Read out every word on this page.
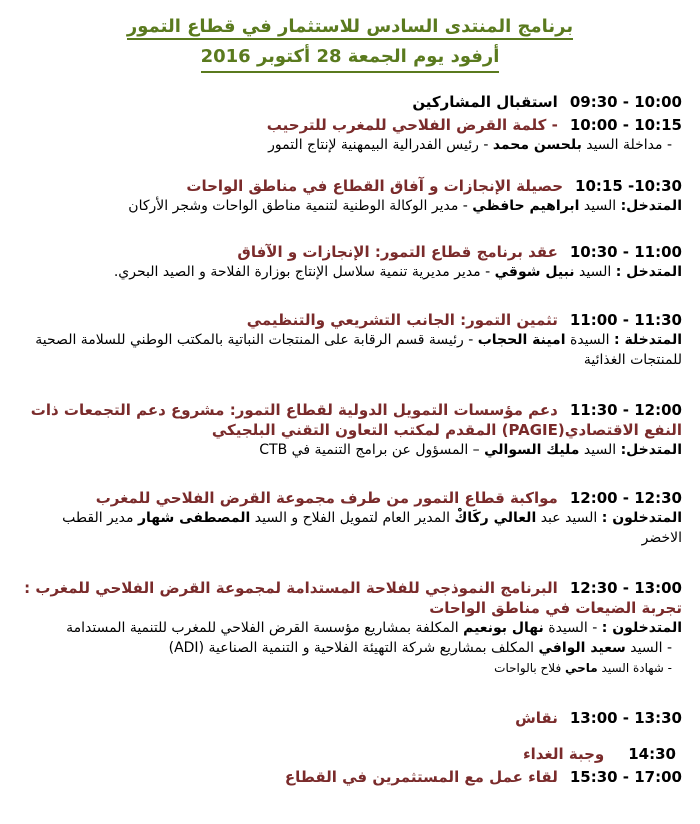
برنامج المنتدى السادس للاستثمار في قطاع التمور
أرفود يوم الجمعة 28 أكتوبر 2016
09:30 - 10:00استقبال المشاركين
10:00 - 10:15- كلمة القرض الفلاحي للمغرب للترحيب
- مداخلة السيد بلحسن محمد - رئيس الفدرالية البيمهنية لإنتاج التمور
10:15 -10:30حصيلة الإنجازات و آفاق القطاع في مناطق الواحات
المتدخل: السيد ابراهيم حافظي - مدير الوكالة الوطنية لتنمية مناطق الواحات وشجر الأركان
10:30 - 11:00عقد برنامج قطاع التمور: الإنجازات و الآفاق
المتدخل : السيد نبيل شوقي - مدير مديرية تنمية سلاسل الإنتاج بوزارة الفلاحة و الصيد البحري.
11:00 - 11:30تثمين التمور: الجانب التشريعي والتنظيمي
المتدخلة : السيدة امينة الحجاب - رئيسة قسم الرقابة على المنتجات النباتية بالمكتب الوطني للسلامة الصحية للمنتجات الغذائية
11:30 - 12:00دعم مؤسسات التمويل الدولية لقطاع التمور: مشروع دعم التجمعات ذات النفع الاقتصادي(PAGIE) المقدم لمكتب التعاون التقني البلجيكي
المتدخل: السيد مليك السوالي – المسؤول عن برامج التنمية في CTB
12:00 - 12:30مواكبة قطاع التمور من طرف مجموعة القرض الفلاحي للمغرب
المتدخلون : السيد عبد العالي ركَاكْ المدير العام لتمويل الفلاح و السيد المصطفى شهار مدير القطب الاخضر
12:30 - 13:00البرنامج النموذجي للفلاحة المستدامة لمجموعة القرض الفلاحي للمغرب : تجربة الضيعات في مناطق الواحات
المتدخلون : - السيدة نهال بونعيم المكلفة بمشاريع مؤسسة القرض الفلاحي للمغرب للتنمية المستدامة
- السيد سعيد الوافي المكلف بمشاريع شركة التهيئة الفلاحية و التنمية الصناعية (ADI)
- شهادة السيد ماحي فلاح بالواحات
13:00 - 13:30نقاش
14:30وجبة الغداء
15:30 - 17:00لقاء عمل مع المستثمرين في القطاع
